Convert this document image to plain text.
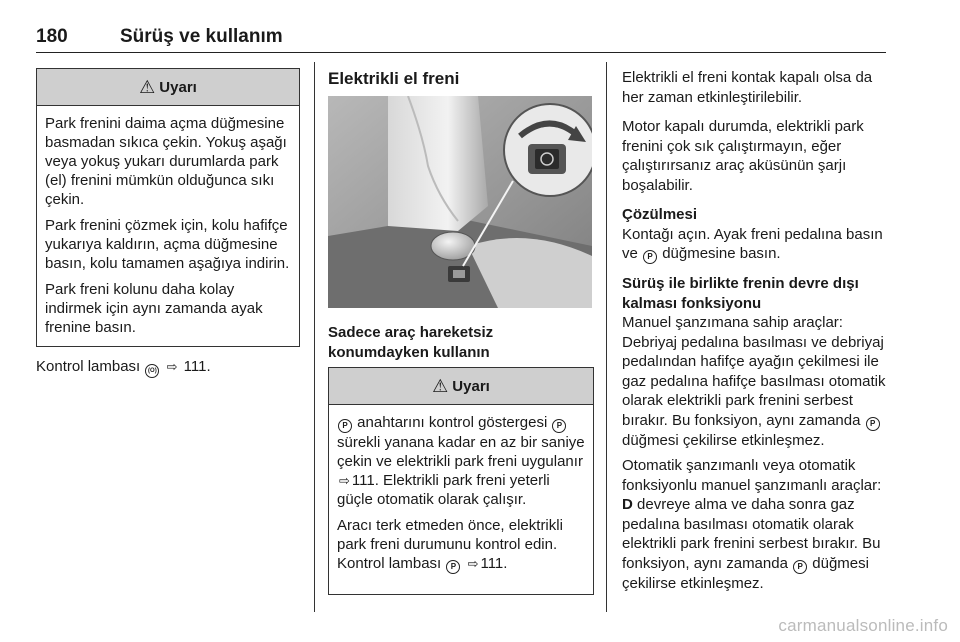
180	Sürüş ve kullanım
⚠ Uyarı

Park frenini daima açma düğmesine basmadan sıkıca çekin. Yokuş aşağı veya yokuş yukarı durumlarda park (el) frenini mümkün olduğunca sıkı çekin.

Park frenini çözmek için, kolu hafifçe yukarıya kaldırın, açma düğmesine basın, kolu tamamen aşağıya indirin.

Park freni kolunu daha kolay indirmek için aynı zamanda ayak frenine basın.

Kontrol lambası (O) ⇨ 111.
Elektrikli el freni
Sadece araç hareketsiz
konumdayken kullanın
⚠ Uyarı

P anahtarını kontrol göstergesi P sürekli yanana kadar en az bir saniye çekin ve elektrikli park freni uygulanır ⇨ 111. Elektrikli park freni yeterli güçle otomatik olarak çalışır.

Aracı terk etmeden önce, elektrikli park freni durumunu kontrol edin. Kontrol lambası P ⇨ 111.

Elektrikli el freni kontak kapalı olsa da her zaman etkinleştirilebilir.

Motor kapalı durumda, elektrikli park frenini çok sık çalıştırmayın, eğer çalıştırırsanız araç aküsünün şarjı boşalabilir.

Çözülmesi

Kontağı açın. Ayak freni pedalına basın ve P düğmesine basın.

Sürüş ile birlikte frenin devre dışı kalması fonksiyonu

Manuel şanzımana sahip araçlar: Debriyaj pedalına basılması ve debriyaj pedalından hafifçe ayağın çekilmesi ile gaz pedalına hafifçe basılması otomatik olarak elektrikli park frenini serbest bırakır. Bu fonksiyon, aynı zamanda P düğmesi çekilirse etkinleşmez.

Otomatik şanzımanlı veya otomatik fonksiyonlu manuel şanzımanlı araçlar: D devreye alma ve daha sonra gaz pedalına basılması otomatik olarak elektrikli park frenini serbest bırakır. Bu fonksiyon, aynı zamanda P düğmesi çekilirse etkinleşmez.

carmanualsonline.info
